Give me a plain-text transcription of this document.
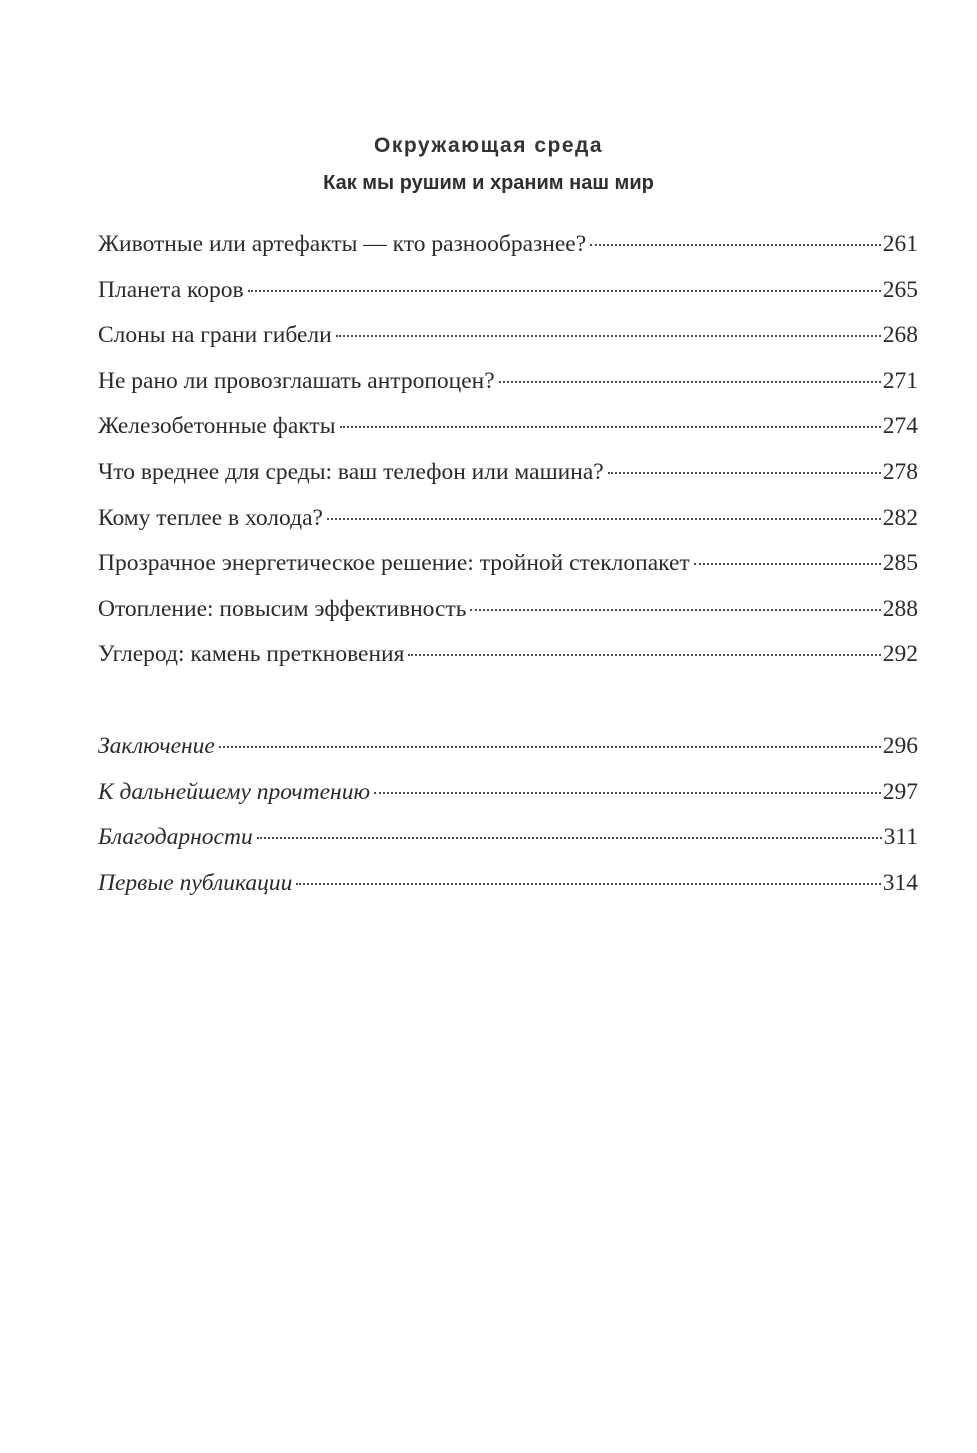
Окружающая среда
Как мы рушим и храним наш мир
Животные или артефакты — кто разнообразнее?	261
Планета коров	265
Слоны на грани гибели	268
Не рано ли провозглашать антропоцен?	271
Железобетонные факты	274
Что вреднее для среды: ваш телефон или машина?	278
Кому теплее в холода?	282
Прозрачное энергетическое решение: тройной стеклопакет	285
Отопление: повысим эффективность	288
Углерод: камень преткновения	292
Заключение	296
К дальнейшему прочтению	297
Благодарности	311
Первые публикации	314
